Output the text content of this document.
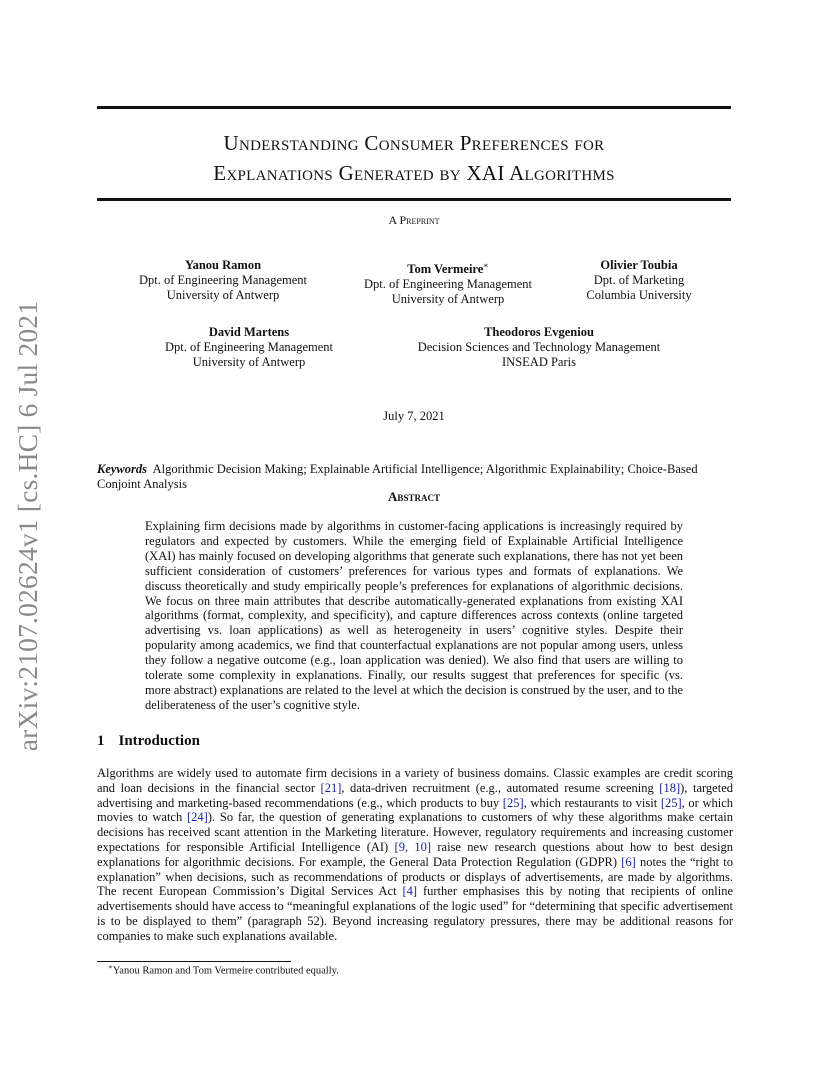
arXiv:2107.02624v1 [cs.HC] 6 Jul 2021
Understanding Consumer Preferences for
Explanations Generated by XAI Algorithms
A Preprint
Yanou Ramon
Dpt. of Engineering Management
University of Antwerp
Tom Vermeire∗
Dpt. of Engineering Management
University of Antwerp
Olivier Toubia
Dpt. of Marketing
Columbia University
David Martens
Dpt. of Engineering Management
University of Antwerp
Theodoros Evgeniou
Decision Sciences and Technology Management
INSEAD Paris
July 7, 2021
Keywords Algorithmic Decision Making; Explainable Artificial Intelligence; Algorithmic Explainability; Choice-Based Conjoint Analysis
Abstract
Explaining firm decisions made by algorithms in customer-facing applications is increasingly required by regulators and expected by customers. While the emerging field of Explainable Artificial Intelligence (XAI) has mainly focused on developing algorithms that generate such explanations, there has not yet been sufficient consideration of customers’ preferences for various types and formats of explanations. We discuss theoretically and study empirically people’s preferences for explanations of algorithmic decisions. We focus on three main attributes that describe automatically-generated explanations from existing XAI algorithms (format, complexity, and specificity), and capture differences across contexts (online targeted advertising vs. loan applications) as well as heterogeneity in users’ cognitive styles. Despite their popularity among academics, we find that counterfactual explanations are not popular among users, unless they follow a negative outcome (e.g., loan application was denied). We also find that users are willing to tolerate some complexity in explanations. Finally, our results suggest that preferences for specific (vs. more abstract) explanations are related to the level at which the decision is construed by the user, and to the deliberateness of the user’s cognitive style.
1 Introduction
Algorithms are widely used to automate firm decisions in a variety of business domains. Classic examples are credit scoring and loan decisions in the financial sector [21], data-driven recruitment (e.g., automated resume screening [18]), targeted advertising and marketing-based recommendations (e.g., which products to buy [25], which restaurants to visit [25], or which movies to watch [24]). So far, the question of generating explanations to customers of why these algorithms make certain decisions has received scant attention in the Marketing literature. However, regulatory requirements and increasing customer expectations for responsible Artificial Intelligence (AI) [9, 10] raise new research questions about how to best design explanations for algorithmic decisions. For example, the General Data Protection Regulation (GDPR) [6] notes the “right to explanation” when decisions, such as recommendations of products or displays of advertisements, are made by algorithms. The recent European Commission’s Digital Services Act [4] further emphasises this by noting that recipients of online advertisements should have access to “meaningful explanations of the logic used” for “determining that specific advertisement is to be displayed to them” (paragraph 52). Beyond increasing regulatory pressures, there may be additional reasons for companies to make such explanations available.
∗Yanou Ramon and Tom Vermeire contributed equally.
